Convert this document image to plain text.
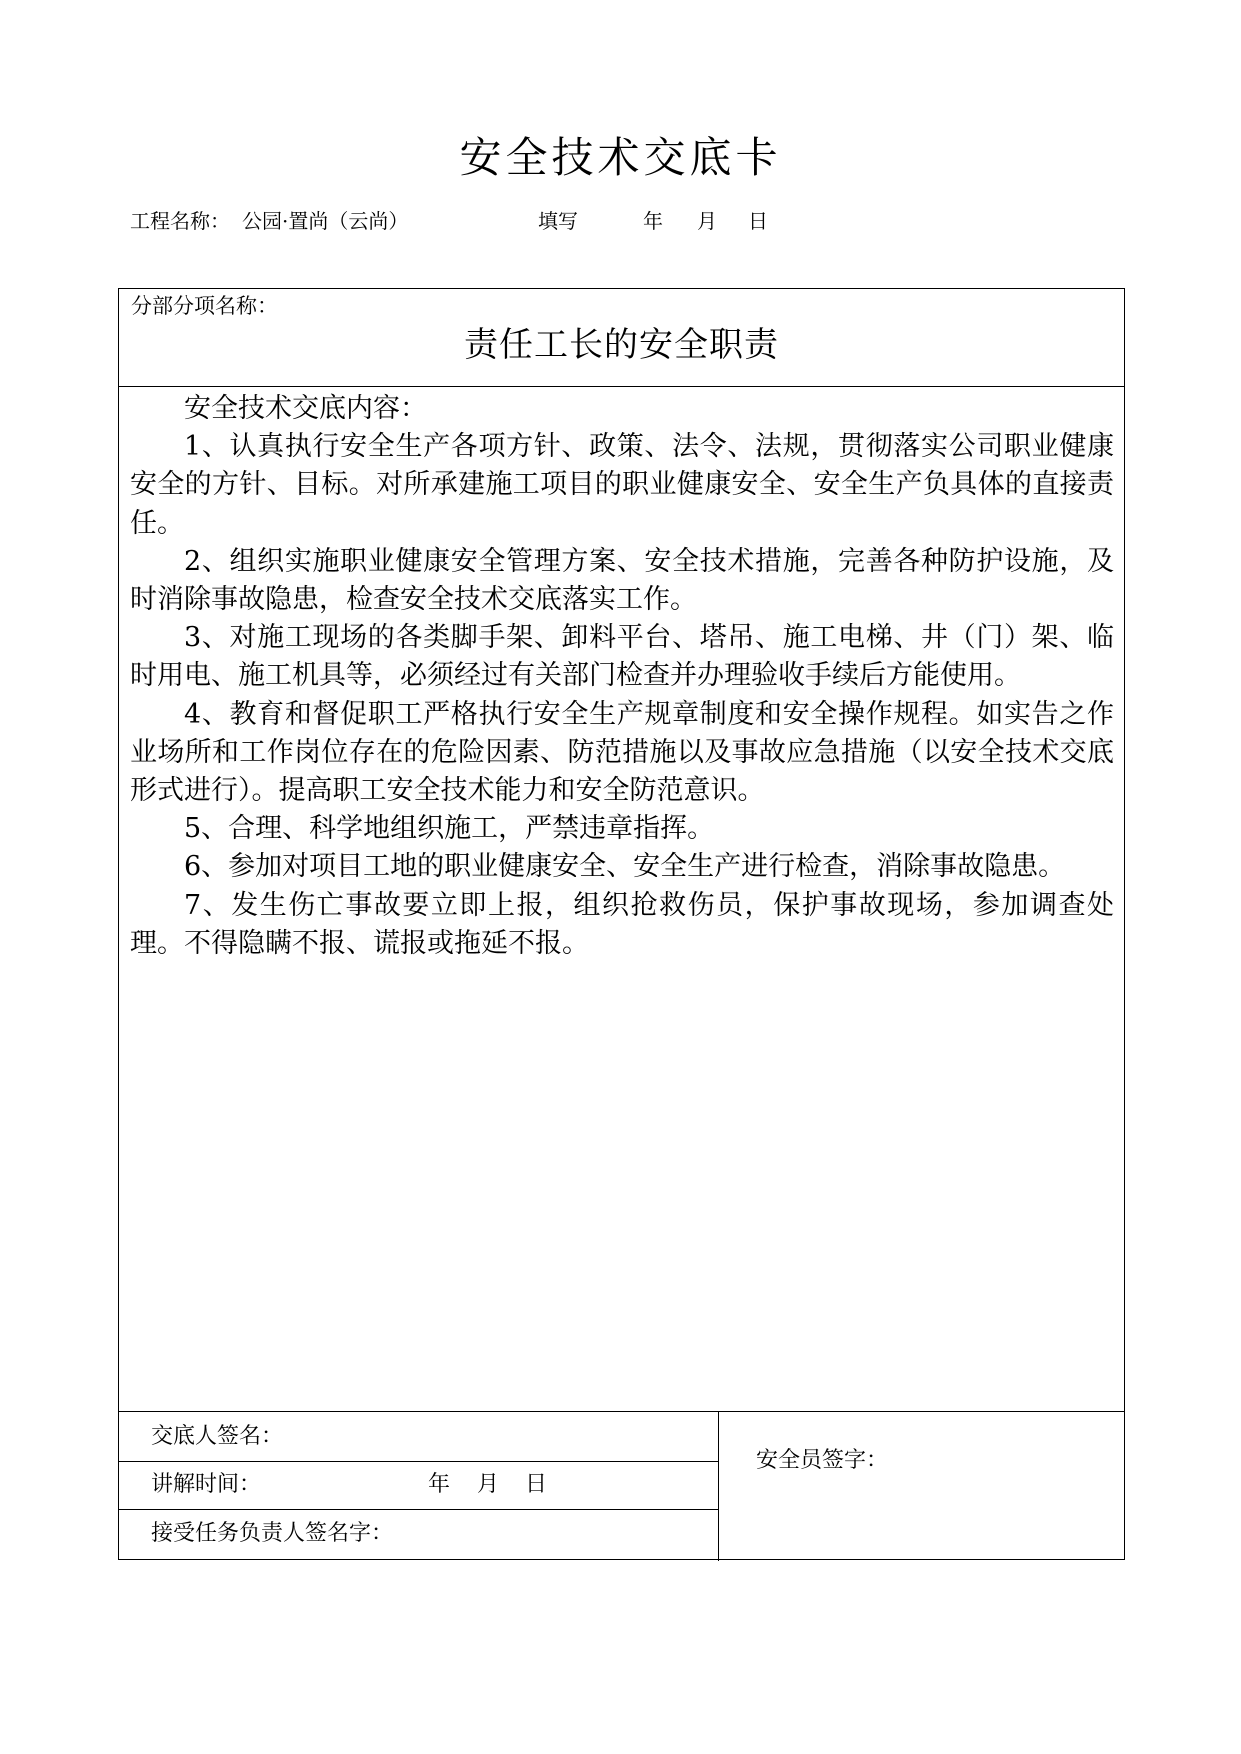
安全技术交底卡
工程名称： 公园·置尚（云尚）	填写	年 月 日
分部分项名称：
责任工长的安全职责
交底人签名：
讲解时间：	年 月 日
接受任务负责人签名字：
安全员签字：

安全技术交底内容：

1、认真执行安全生产各项方针、政策、法令、法规，贯彻落实公司职业健康安全的方针、目标。对所承建施工项目的职业健康安全、安全生产负具体的直接责任。

2、组织实施职业健康安全管理方案、安全技术措施，完善各种防护设施，及时消除事故隐患，检查安全技术交底落实工作。

3、对施工现场的各类脚手架、卸料平台、塔吊、施工电梯、井（门）架、临时用电、施工机具等，必须经过有关部门检查并办理验收手续后方能使用。

4、教育和督促职工严格执行安全生产规章制度和安全操作规程。如实告之作业场所和工作岗位存在的危险因素、防范措施以及事故应急措施（以安全技术交底形式进行）。提高职工安全技术能力和安全防范意识。

5、合理、科学地组织施工，严禁违章指挥。

6、参加对项目工地的职业健康安全、安全生产进行检查，消除事故隐患。

7、发生伤亡事故要立即上报，组织抢救伤员，保护事故现场，参加调查处理。不得隐瞒不报、谎报或拖延不报。
